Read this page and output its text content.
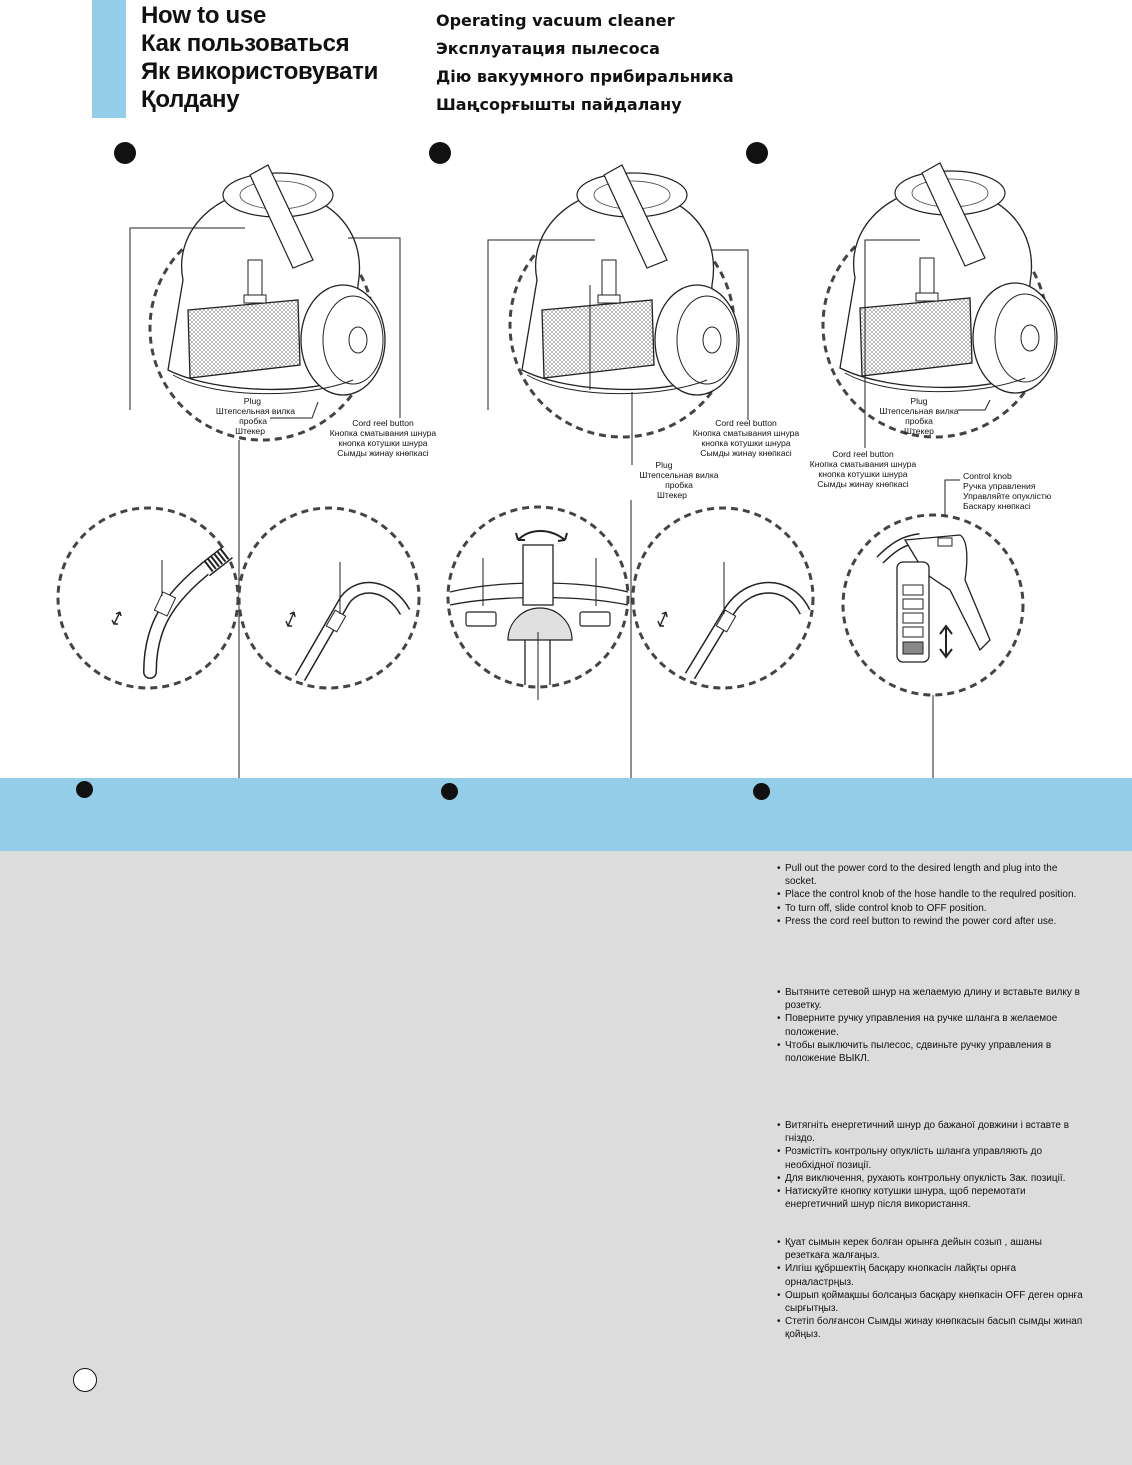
How to use
Как пользоваться
Як використовувати
Қолдану
Operating vacuum cleaner
Эксплуатация пылесоса
Дію вакуумного прибиральника
Шаңсорғышты пайдалану
Plug
Штепсельная вилка
пробка
Штекер
Cord reel button
Кнопка сматывания шнура
кнопка котушки шнура
Сымды жинау кнөпкасі
Cord reel button
Кнопка сматывания шнура
кнопка котушки шнура
Сымды жинау кнөпкасі
Plug
Штепсельная вилка
пробка
Штекер
Plug
Штепсельная вилка
пробка
Штекер
Cord reel button
Кнопка сматывания шнура
кнопка котушки шнура
Сымды жинау кнөпкасі
Control knob
Ручка управления
Управляйте опуклістю
Баскару кнөпкасі
• Pull out the power cord to the desired length and plug into the socket.
• Place the control knob of the hose handle to the requlred position.
• To turn off, slide control knob to OFF position.
• Press the cord reel button to rewind the power cord after use.
• Вытяните сетевой шнур на желаемую длину и вставьте вилку в розетку.
• Поверните ручку управления на ручке шланга в желаемое положение.
• Чтобы выключить пылесос, сдвиньте ручку управления в положение ВЫКЛ.
• Витягніть енергетичний шнур до бажаної довжини і вставте в гніздо.
• Розмістіть контрольну опуклість шланга управляють до необхідної позиції.
• Для виключення, рухають контрольну опуклість Зак. позиції.
• Натискуйте кнопку котушки шнура, щоб перемотати енергетичний шнур після використання.
• Қуат сымын керек болған орынға дейын созып , ашаны резеткаға жалғаңыз.
• Илгіш құбршектің басқару кнопкасін лайқты орнға орналастрңыз.
• Ошрып қоймақшы болсаңыз басқару кнөпкасін OFF деген орнға сырғытңыз.
• Стетіп болғансон Сымды жинау кнөпкасын басып сымды жинап қойңыз.
